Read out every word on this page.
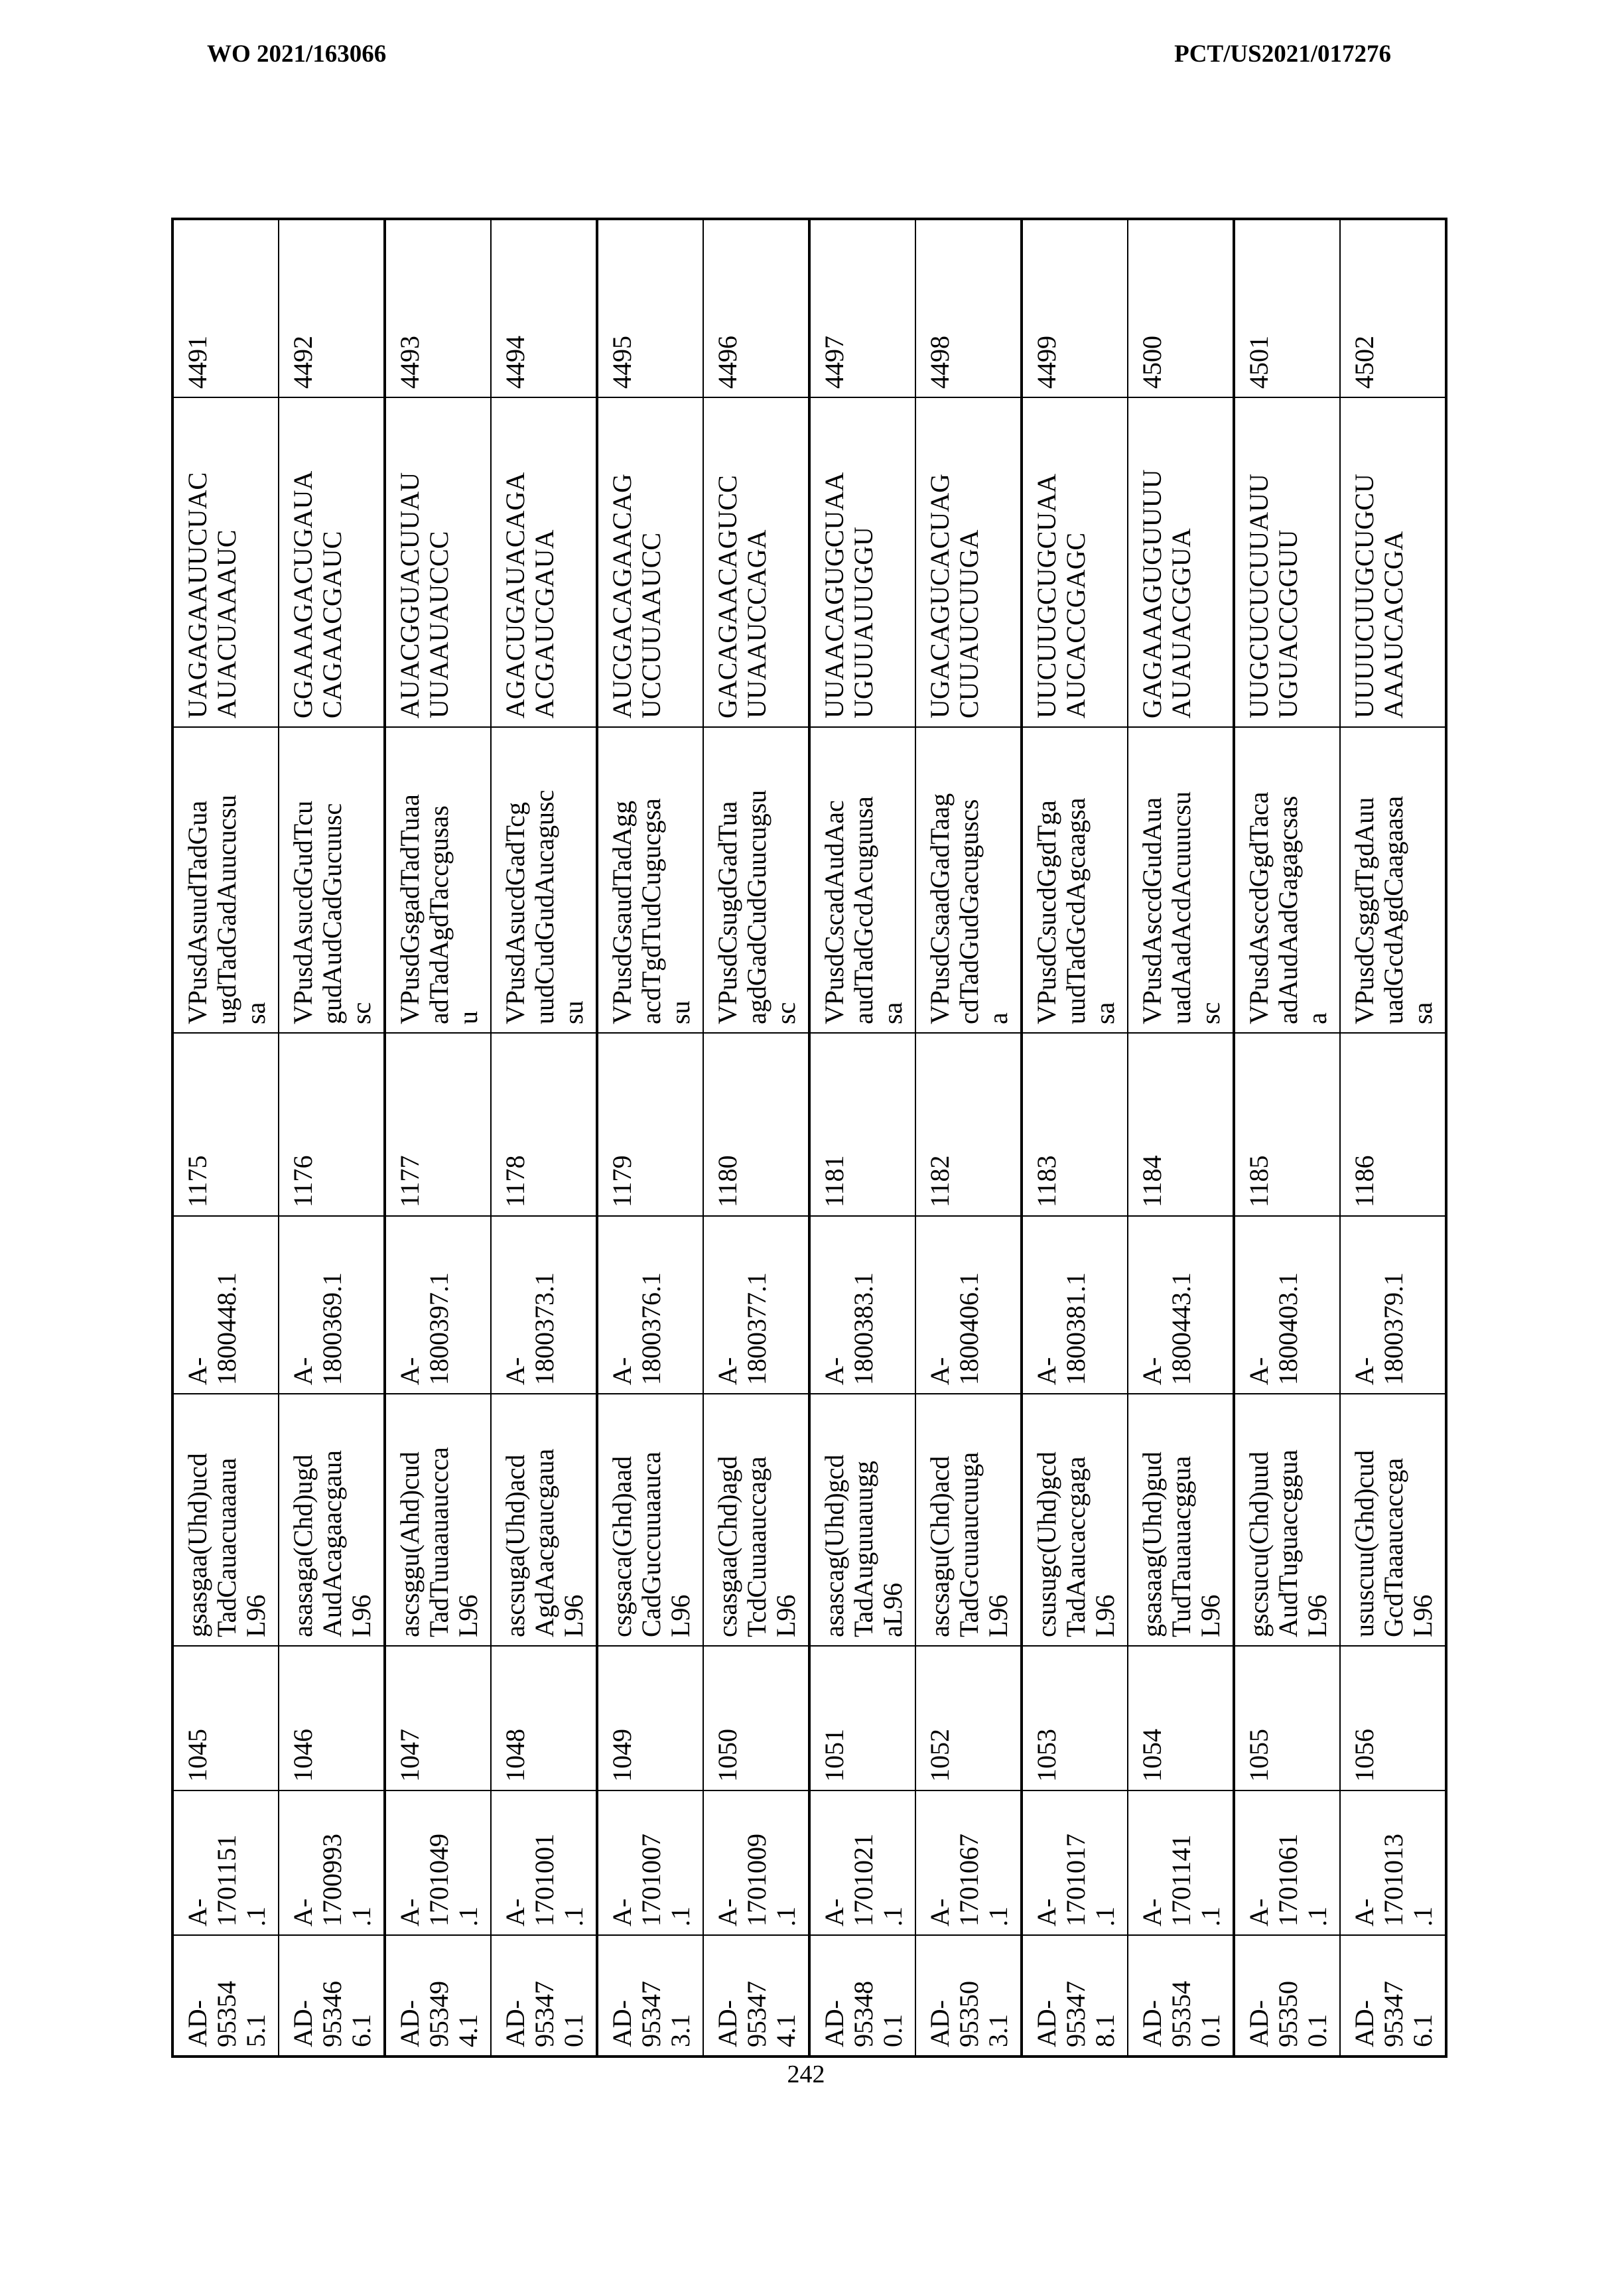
WO 2021/163066	PCT/US2021/017276
AD- 95354 5.1	A- 1701151 .1	1045	gsasgaa(Uhd)ucd TadCauacuaaaua L96	A- 1800448.1	1175	VPusdAsuudTadGua ugdTadGadAuucucsu sa	UAGAGAAUUCUAC AUACUAAAUC	4491

AD- 95346 6.1	A- 1700993 .1	1046	asasaga(Chd)ugd AudAcagaacgaua L96	A- 1800369.1	1176	VPusdAsucdGudTcu gudAudCadGucuusc sc	GGAAAGACUGAUA CAGAACGAUC	4492

AD- 95349 4.1	A- 1701049 .1	1047	ascsggu(Ahd)cud TadTuuaauauccca L96	A- 1800397.1	1177	VPusdGsgadTadTuaa adTadAgdTaccgusas u	AUACGGUACUUAU UUAAUAUCCC	4493

AD- 95347 0.1	A- 1701001 .1	1048	ascsuga(Uhd)acd AgdAacgaucgaua L96	A- 1800373.1	1178	VPusdAsucdGadTcg uudCudGudAucagusc su	AGACUGAUACAGA ACGAUCGAUA	4494

AD- 95347 3.1	A- 1701007 .1	1049	csgsaca(Ghd)aad CadGuccuuaauca L96	A- 1800376.1	1179	VPusdGsaudTadAgg acdTgdTudCugucgsa su	AUCGACAGAACAG UCCUUAAUCC	4495

AD- 95347 4.1	A- 1701009 .1	1050	csasgaa(Chd)agd TcdCuuaauccaga L96	A- 1800377.1	1180	VPusdCsugdGadTua agdGadCudGuucugsu sc	GACAGAACAGUCC UUAAUCCAGA	4496

AD- 95348 0.1	A- 1701021 .1	1051	asascag(Uhd)gcd TadAuguuauugg aL96	A- 1800383.1	1181	VPusdCscadAudAac audTadGcdAcuguusa sa	UUAACAGUGCUAA UGUUAUUGGU	4497

AD- 95350 3.1	A- 1701067 .1	1052	ascsagu(Chd)acd TadGcuuaucuuga L96	A- 1800406.1	1182	VPusdCsaadGadTaag cdTadGudGacuguscs a	UGACAGUCACUAG CUUAUCUUGA	4498

AD- 95347 8.1	A- 1701017 .1	1053	csusugc(Uhd)gcd TadAaucaccgaga L96	A- 1800381.1	1183	VPusdCsucdGgdTga uudTadGcdAgcaagsa sa	UUCUUGCUGCUAA AUCACCGAGC	4499

AD- 95354 0.1	A- 1701141 .1	1054	gsasaag(Uhd)gud TudTauauacggua L96	A- 1800443.1	1184	VPusdAsccdGudAua uadAadAcdAcuuucsu sc	GAGAAAGUGUUUU AUAUACGGUA	4500

AD- 95350 0.1	A- 1701061 .1	1055	gscsucu(Chd)uud AudTuguaccggua L96	A- 1800403.1	1185	VPusdAsccdGgdTaca adAudAadGagagcsas a	UUGCUCUCUUAUU UGUACCGGUU	4501

AD- 95347 6.1	A- 1701013 .1	1056	ususcuu(Ghd)cud GcdTaaaucaccga L96	A- 1800379.1	1186	VPusdCsggdTgdAuu uadGcdAgdCaagaasa sa	UUUUCUUGCUGCU AAAUCACCGA	4502
242
